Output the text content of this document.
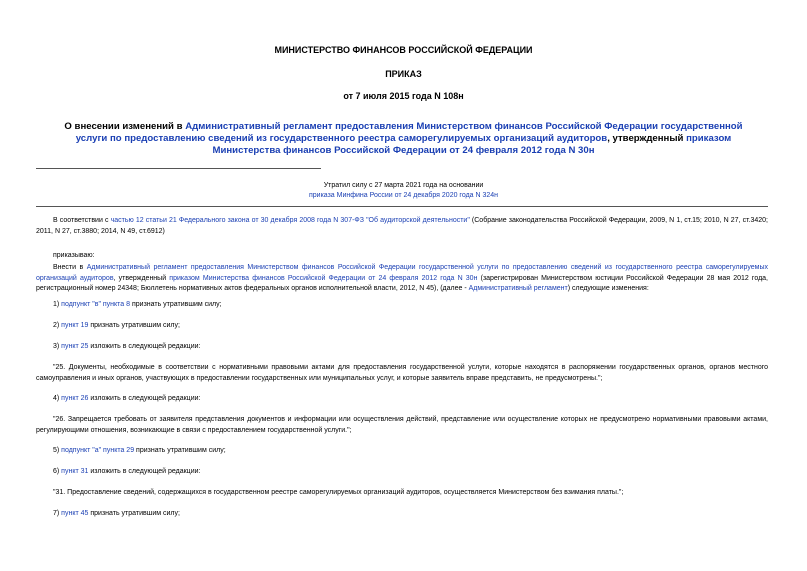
МИНИСТЕРСТВО ФИНАНСОВ РОССИЙСКОЙ ФЕДЕРАЦИИ
ПРИКАЗ
от 7 июля 2015 года N 108н
О внесении изменений в Административный регламент предоставления Министерством финансов Российской Федерации государственной услуги по предоставлению сведений из государственного реестра саморегулируемых организаций аудиторов, утвержденный приказом Министерства финансов Российской Федерации от 24 февраля 2012 года N 30н
Утратил силу с 27 марта 2021 года на основании
приказа Минфина России от 24 декабря 2020 года N 324н
В соответствии с частью 12 статьи 21 Федерального закона от 30 декабря 2008 года N 307-ФЗ "Об аудиторской деятельности" (Собрание законодательства Российской Федерации, 2009, N 1, ст.15; 2010, N 27, ст.3420; 2011, N 27, ст.3880; 2014, N 49, ст.6912)
приказываю:
Внести в Административный регламент предоставления Министерством финансов Российской Федерации государственной услуги по предоставлению сведений из государственного реестра саморегулируемых организаций аудиторов, утвержденный приказом Министерства финансов Российской Федерации от 24 февраля 2012 года N 30н (зарегистрирован Министерством юстиции Российской Федерации 28 мая 2012 года, регистрационный номер 24348; Бюллетень нормативных актов федеральных органов исполнительной власти, 2012, N 45), (далее - Административный регламент) следующие изменения:
1) подпункт "в" пункта 8 признать утратившим силу;
2) пункт 19 признать утратившим силу;
3) пункт 25 изложить в следующей редакции:
"25. Документы, необходимые в соответствии с нормативными правовыми актами для предоставления государственной услуги, которые находятся в распоряжении государственных органов, органов местного самоуправления и иных органов, участвующих в предоставлении государственных или муниципальных услуг, и которые заявитель вправе представить, не предусмотрены.";
4) пункт 26 изложить в следующей редакции:
"26. Запрещается требовать от заявителя представления документов и информации или осуществления действий, представление или осуществление которых не предусмотрено нормативными правовыми актами, регулирующими отношения, возникающие в связи с предоставлением государственной услуги.";
5) подпункт "а" пункта 29 признать утратившим силу;
6) пункт 31 изложить в следующей редакции:
"31. Предоставление сведений, содержащихся в государственном реестре саморегулируемых организаций аудиторов, осуществляется Министерством без взимания платы.";
7) пункт 45 признать утратившим силу;
